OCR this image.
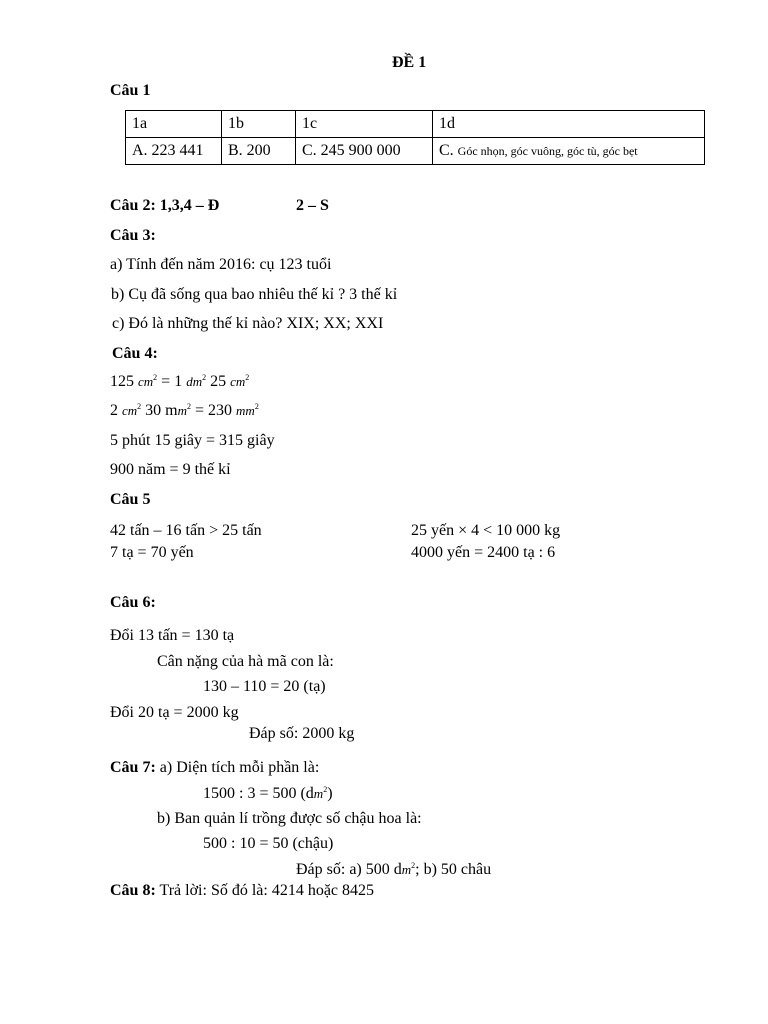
ĐỀ 1
Câu 1
1a	1b	1c	1d
A. 223 441	B. 200	C. 245 900 000	C. Góc nhọn, góc vuông, góc tù, góc bẹt
Câu 2: 1,3,4 – Đ	2 – S
Câu 3:
a) Tính đến năm 2016: cụ 123 tuổi
b) Cụ đã sống qua bao nhiêu thế kỉ ? 3 thế kỉ
c) Đó là những thế kỉ nào? XIX; XX; XXI
Câu 4:
125 $cm^2 = 1$ $dm^2$ 25 $cm^2$
2 $cm^2$ 30 $mm^2 = 230$ $mm^2$
5 phút 15 giây = 315 giây
900 năm = 9 thế kỉ
Câu 5
42 tấn – 16 tấn > 25 tấn
7 tạ = 70 yến
25 yến × 4 < 10 000 kg
4000 yến = 2400 tạ : 6
Câu 6:
Đổi 13 tấn = 130 tạ
Cân nặng của hà mã con là:
130 – 110 = 20 (tạ)
Đổi 20 tạ = 2000 kg
Đáp số: 2000 kg
Câu 7: a) Diện tích mỗi phần là:
1500 : 3 = 500 $(dm^2)$
b) Ban quản lí trồng được số chậu hoa là:
500 : 10 = 50 (chậu)
Đáp số: a) 500 $dm^2$; b) 50 châu
Câu 8: Trả lời: Số đó là: 4214 hoặc 8425
